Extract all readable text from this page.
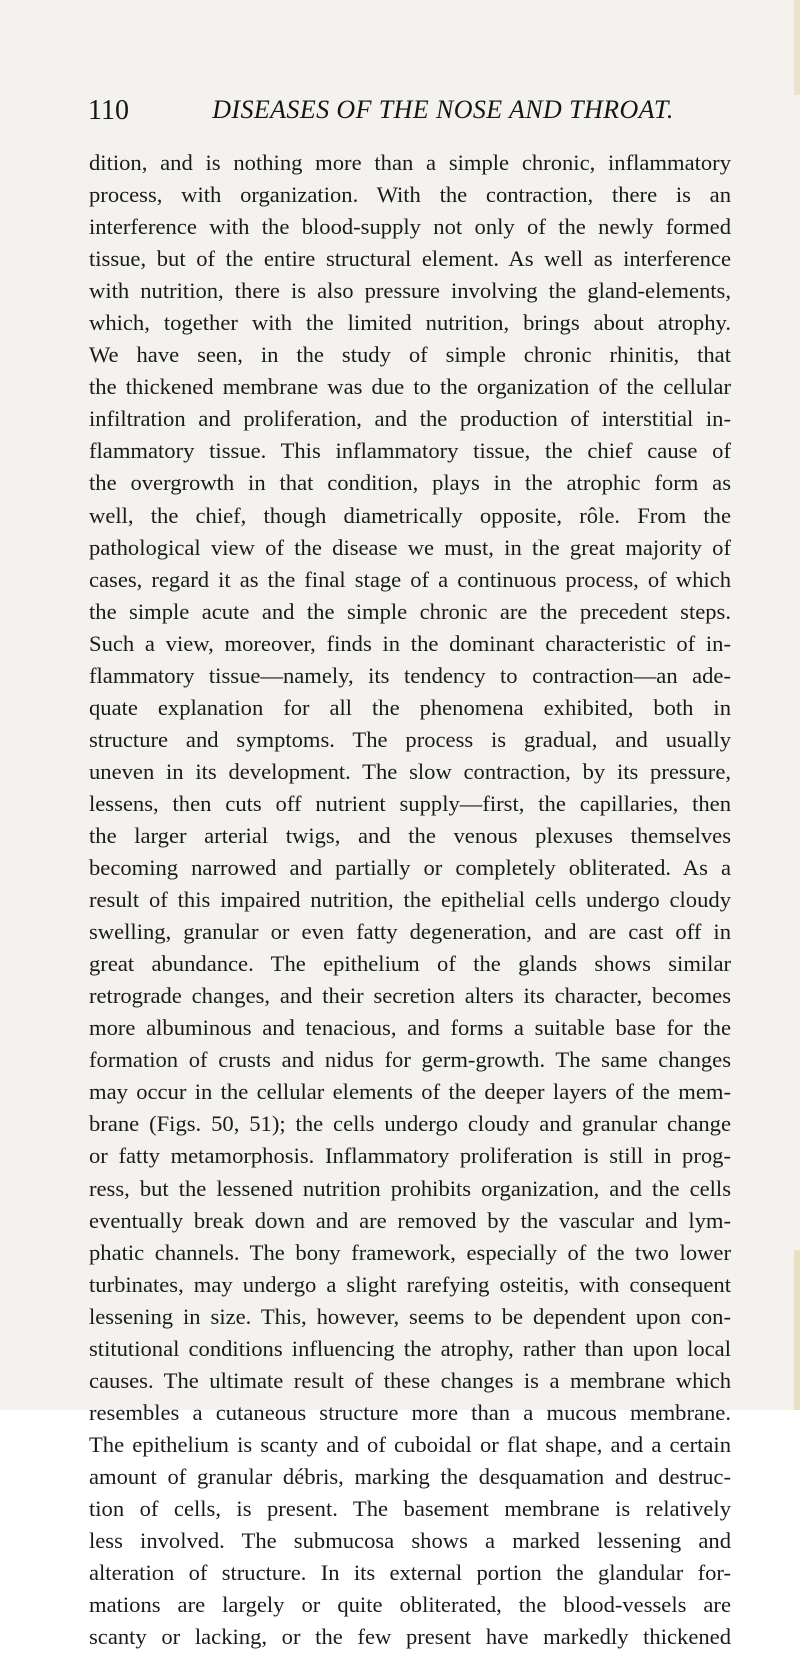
110	DISEASES OF THE NOSE AND THROAT.
dition, and is nothing more than a simple chronic, inflammatory
process, with organization. With the contraction, there is an
interference with the blood-supply not only of the newly formed
tissue, but of the entire structural element. As well as interference
with nutrition, there is also pressure involving the gland-elements,
which, together with the limited nutrition, brings about atrophy.
We have seen, in the study of simple chronic rhinitis, that
the thickened membrane was due to the organization of the cellular
infiltration and proliferation, and the production of interstitial in-
flammatory tissue. This inflammatory tissue, the chief cause of
the overgrowth in that condition, plays in the atrophic form as
well, the chief, though diametrically opposite, rôle. From the
pathological view of the disease we must, in the great majority of
cases, regard it as the final stage of a continuous process, of which
the simple acute and the simple chronic are the precedent steps.
Such a view, moreover, finds in the dominant characteristic of in-
flammatory tissue—namely, its tendency to contraction—an ade-
quate explanation for all the phenomena exhibited, both in
structure and symptoms. The process is gradual, and usually
uneven in its development. The slow contraction, by its pressure,
lessens, then cuts off nutrient supply—first, the capillaries, then
the larger arterial twigs, and the venous plexuses themselves
becoming narrowed and partially or completely obliterated. As a
result of this impaired nutrition, the epithelial cells undergo cloudy
swelling, granular or even fatty degeneration, and are cast off in
great abundance. The epithelium of the glands shows similar
retrograde changes, and their secretion alters its character, becomes
more albuminous and tenacious, and forms a suitable base for the
formation of crusts and nidus for germ-growth. The same changes
may occur in the cellular elements of the deeper layers of the mem-
brane (Figs. 50, 51); the cells undergo cloudy and granular change
or fatty metamorphosis. Inflammatory proliferation is still in prog-
ress, but the lessened nutrition prohibits organization, and the cells
eventually break down and are removed by the vascular and lym-
phatic channels. The bony framework, especially of the two lower
turbinates, may undergo a slight rarefying osteitis, with consequent
lessening in size. This, however, seems to be dependent upon con-
stitutional conditions influencing the atrophy, rather than upon local
causes. The ultimate result of these changes is a membrane which
resembles a cutaneous structure more than a mucous membrane.
The epithelium is scanty and of cuboidal or flat shape, and a certain
amount of granular débris, marking the desquamation and destruc-
tion of cells, is present. The basement membrane is relatively
less involved. The submucosa shows a marked lessening and
alteration of structure. In its external portion the glandular for-
mations are largely or quite obliterated, the blood-vessels are
scanty or lacking, or the few present have markedly thickened
